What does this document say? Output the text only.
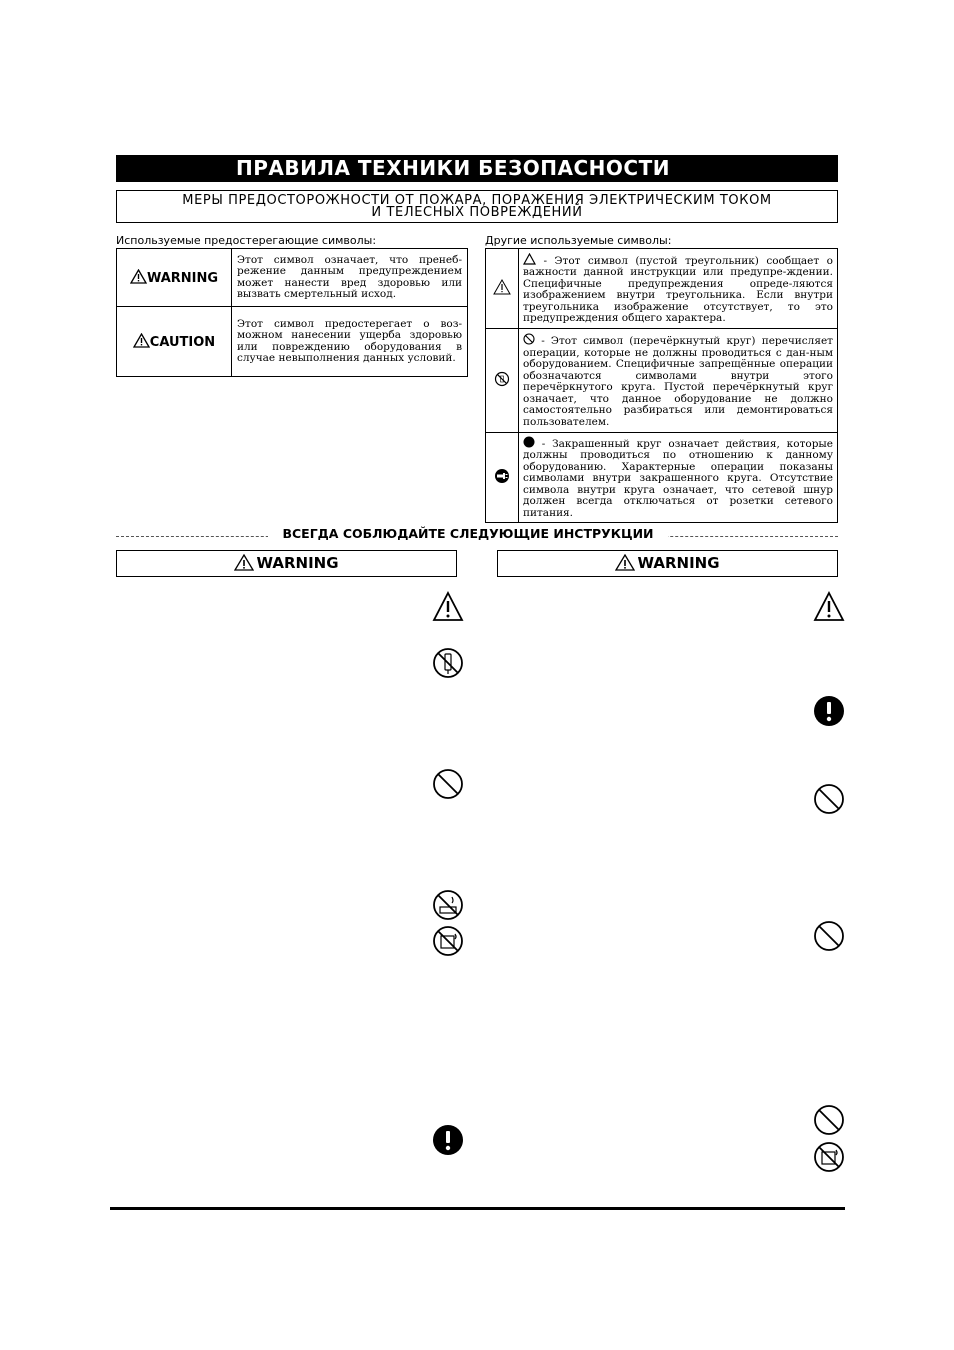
ПРАВИЛА ТЕХНИКИ БЕЗОПАСНОСТИ
МЕРЫ ПРЕДОСТОРОЖНОСТИ ОТ ПОЖАРА, ПОРАЖЕНИЯ ЭЛЕКТРИЧЕСКИМ ТОКОМ
И ТЕЛЕСНЫХ ПОВРЕЖДЕНИЙ
Используемые предостерегающие символы:
WARNING	Этот символ означает, что пренеб-режение данным предупреждением может нанести вред здоровью или вызвать смертельный исход.
CAUTION	Этот символ предостерегает о воз-можном нанесении ущерба здоровью или повреждению оборудования в случае невыполнения данных условий.
Другие используемые символы:
	- Этот символ (пустой треугольник) сообщает о важности данной инструкции или предупре-ждении. Специфичные предупреждения опреде-ляются изображением внутри треугольника. Если внутри треугольника изображение отсутствует, то это предупреждения общего характера.
	- Этот символ (перечёркнутый круг) перечисляет операции, которые не должны проводиться с дан-ным оборудованием. Специфичные запрещённые операции обозначаются символами внутри этого перечёркнутого круга. Пустой перечёркнутый круг означает, что данное оборудование не должно самостоятельно разбираться или демонтироваться пользователем.
	- Закрашенный круг означает действия, которые должны проводиться по отношению к данному оборудованию. Характерные операции показаны символами внутри закрашенного круга. Отсутствие символа внутри круга означает, что сетевой шнур должен всегда отключаться от розетки сетевого питания.
ВСЕГДА СОБЛЮДАЙТЕ СЛЕДУЮЩИЕ ИНСТРУКЦИИ
WARNING	WARNING
